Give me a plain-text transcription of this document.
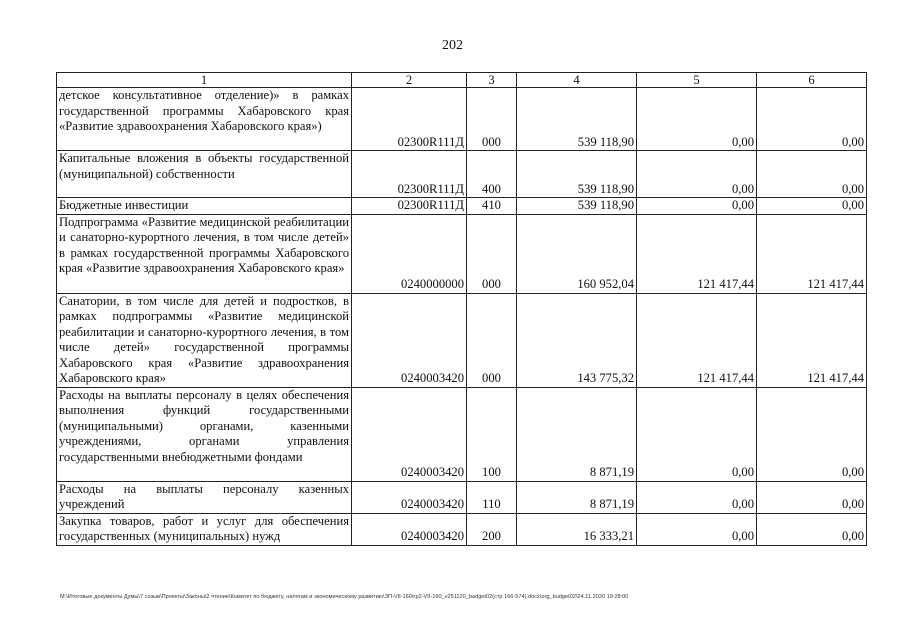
202
1	2	3	4	5	6
детское консультативное отделение)» в рамках государственной программы Хабаровского края «Развитие здравоохранения Хабаровского края»)	02300R111Д	000	539 118,90	0,00	0,00
Капитальные вложения в объекты государственной (муниципальной) собственности	02300R111Д	400	539 118,90	0,00	0,00
Бюджетные инвестиции	02300R111Д	410	539 118,90	0,00	0,00
Подпрограмма «Развитие медицинской реабилитации и санаторно-курортного лечения, в том числе детей» в рамках государственной программы Хабаровского края «Развитие здравоохранения Хабаровского края»	0240000000	000	160 952,04	121 417,44	121 417,44
Санатории, в том числе для детей и подростков, в рамках подпрограммы «Развитие медицинской реабилитации и санаторно-курортного лечения, в том числе детей» государственной программы Хабаровского края «Развитие здравоохранения Хабаровского края»	0240003420	000	143 775,32	121 417,44	121 417,44
Расходы на выплаты персоналу в целях обеспечения выполнения функций государственными (муниципальными) органами, казенными учреждениями, органами управления государственными внебюджетными фондами	0240003420	100	8 871,19	0,00	0,00
Расходы на выплаты персоналу казенных учреждений	0240003420	110	8 871,19	0,00	0,00
Закупка товаров, работ и услуг для обеспечения государственных (муниципальных) нужд	0240003420	200	16 333,21	0,00	0,00
M:\Итоговые документы Думы\7 созыв\Проекты\Законы\2 чтение\Комитет по бюджету, налогам и экономическому развитию\ЗП-VII-160\гр2-VII-160_v251120_badget02(стр 166-574).docx\org_budget02\24.11.2020 19:28:00
